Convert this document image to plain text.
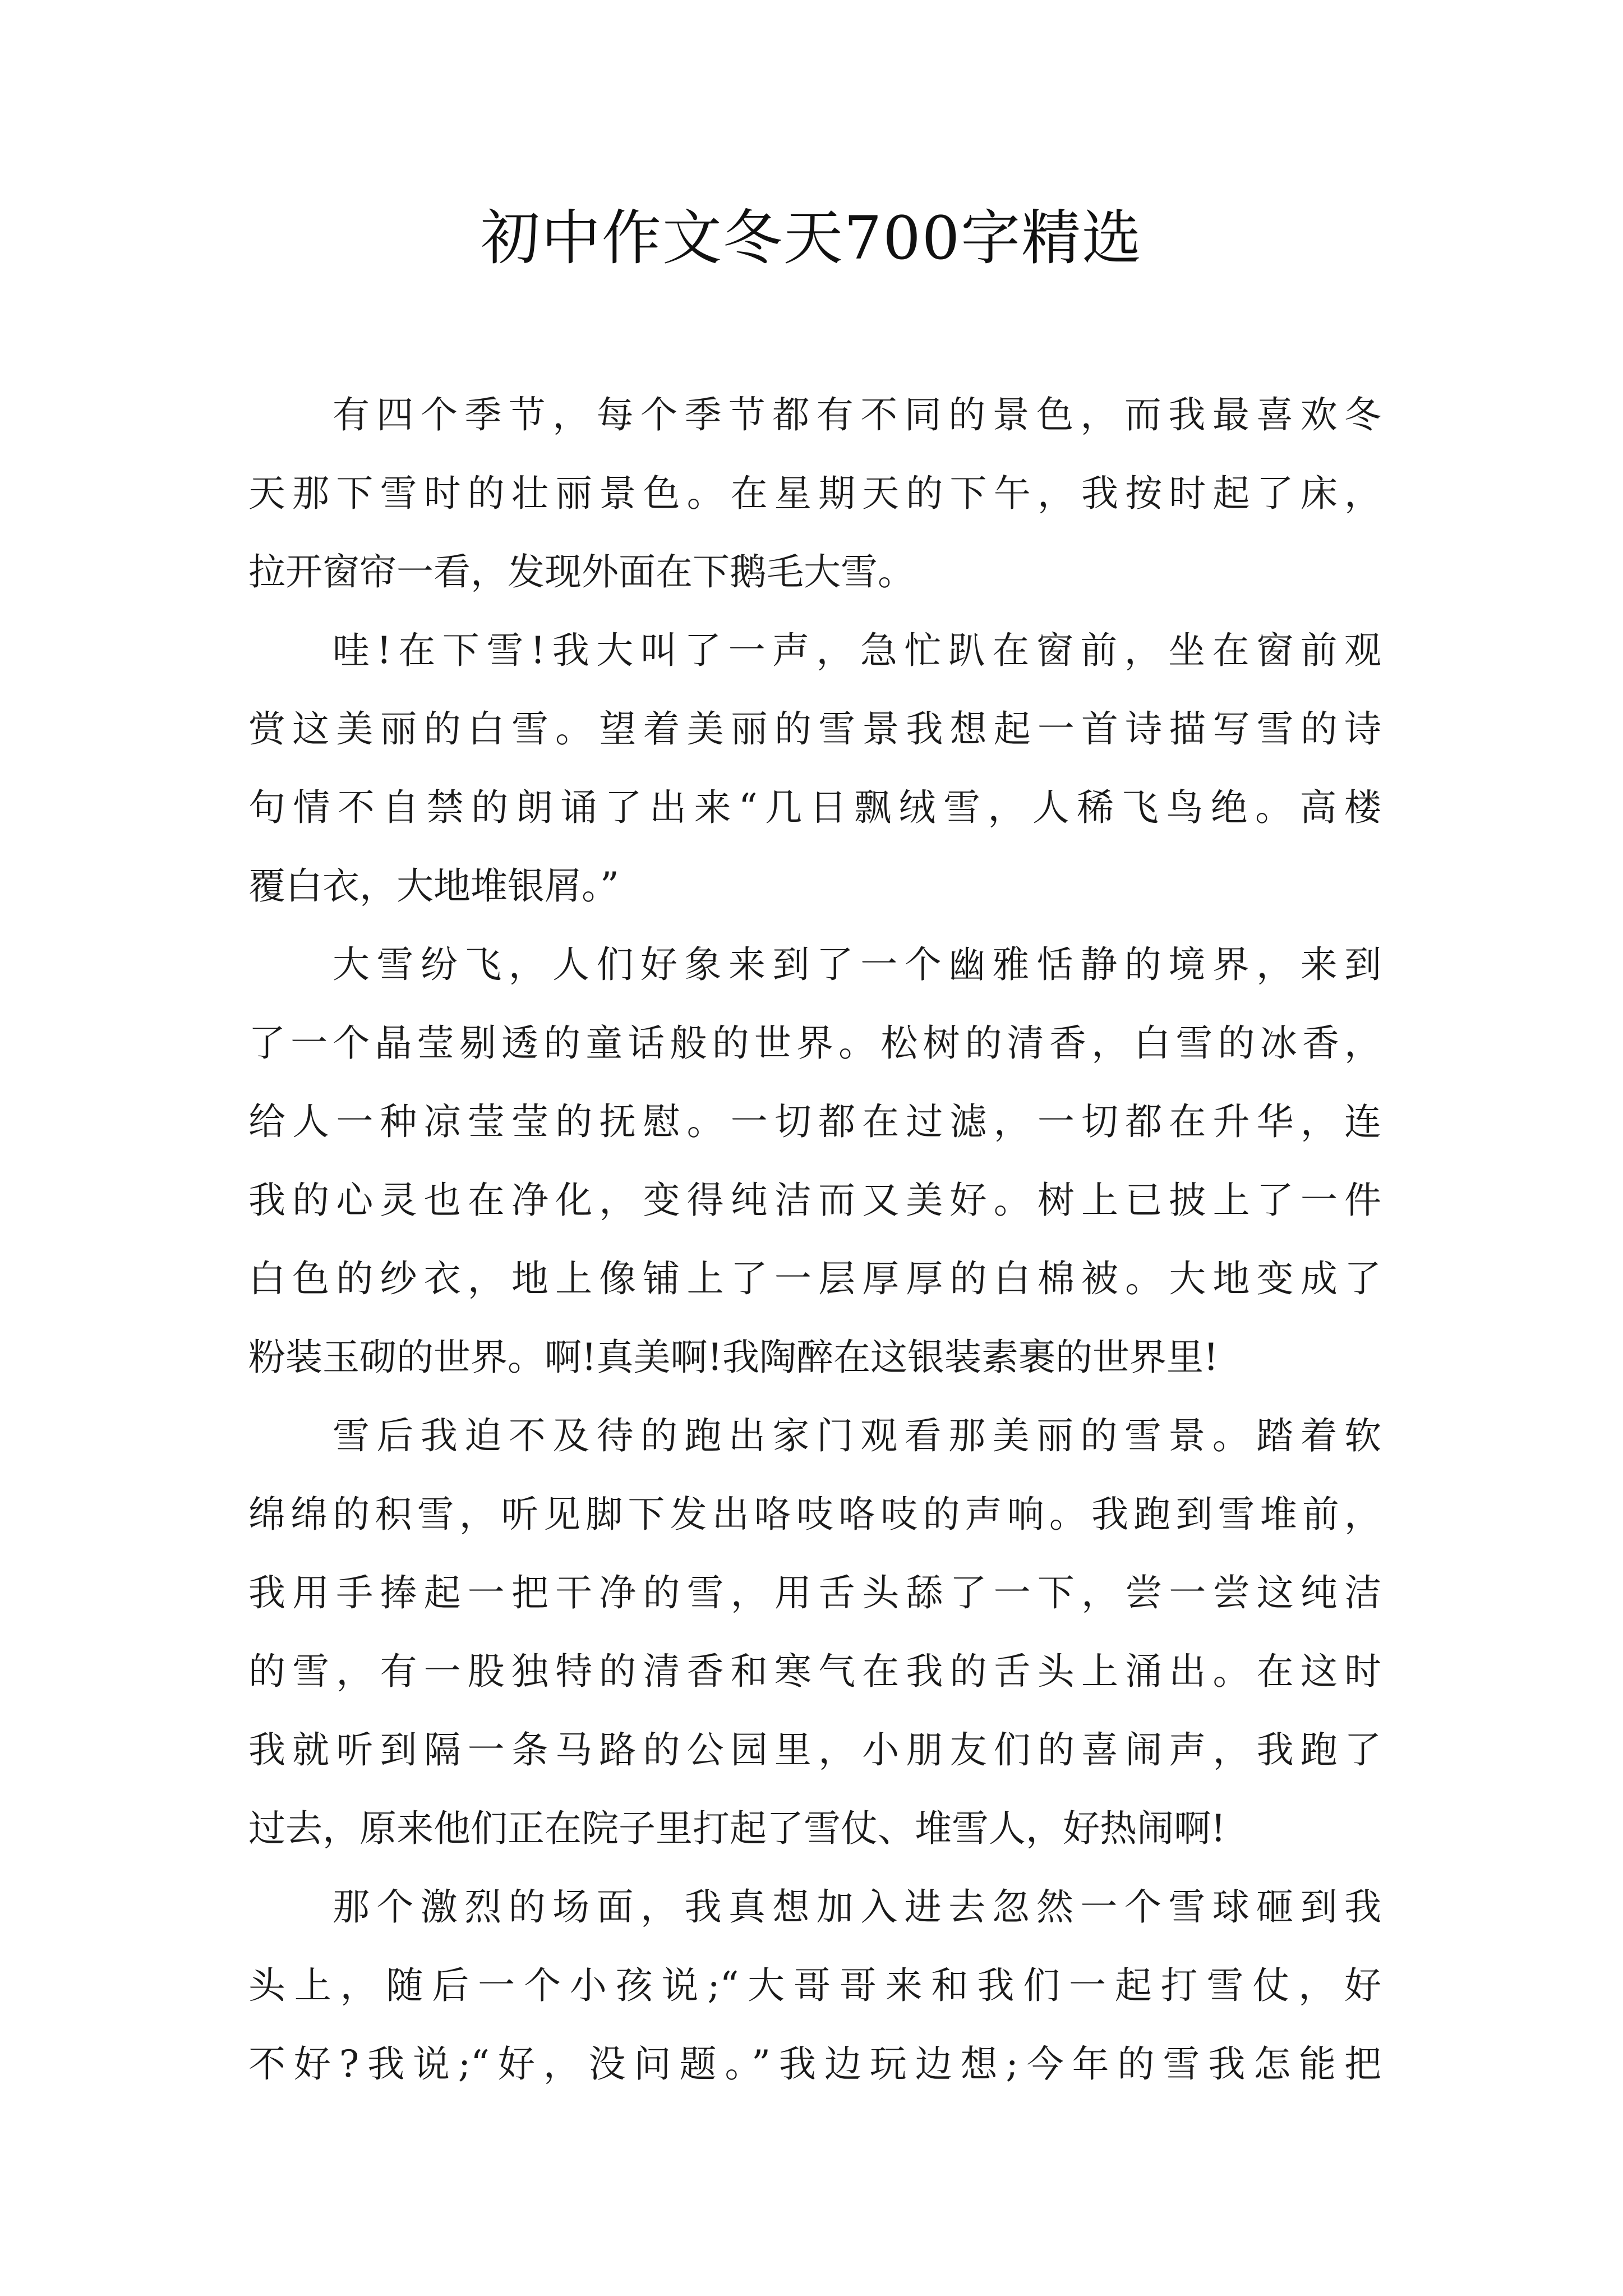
初中作文冬天700字精选
有四个季节，每个季节都有不同的景色，而我最喜欢冬
天那下雪时的壮丽景色。在星期天的下午，我按时起了床，
拉开窗帘一看，发现外面在下鹅毛大雪。
哇!在下雪!我大叫了一声，急忙趴在窗前，坐在窗前观
赏这美丽的白雪。望着美丽的雪景我想起一首诗描写雪的诗
句情不自禁的朗诵了出来“几日飘绒雪，人稀飞鸟绝。高楼
覆白衣，大地堆银屑。”
大雪纷飞，人们好象来到了一个幽雅恬静的境界，来到
了一个晶莹剔透的童话般的世界。松树的清香，白雪的冰香，
给人一种凉莹莹的抚慰。一切都在过滤，一切都在升华，连
我的心灵也在净化，变得纯洁而又美好。树上已披上了一件
白色的纱衣，地上像铺上了一层厚厚的白棉被。大地变成了
粉装玉砌的世界。啊!真美啊!我陶醉在这银装素裹的世界里!
雪后我迫不及待的跑出家门观看那美丽的雪景。踏着软
绵绵的积雪，听见脚下发出咯吱咯吱的声响。我跑到雪堆前，
我用手捧起一把干净的雪，用舌头舔了一下，尝一尝这纯洁
的雪，有一股独特的清香和寒气在我的舌头上涌出。在这时
我就听到隔一条马路的公园里，小朋友们的喜闹声，我跑了
过去，原来他们正在院子里打起了雪仗、堆雪人，好热闹啊!
那个激烈的场面，我真想加入进去忽然一个雪球砸到我
头上，随后一个小孩说;“大哥哥来和我们一起打雪仗，好
不好?我说;“好，没问题。”我边玩边想;今年的雪我怎能把
